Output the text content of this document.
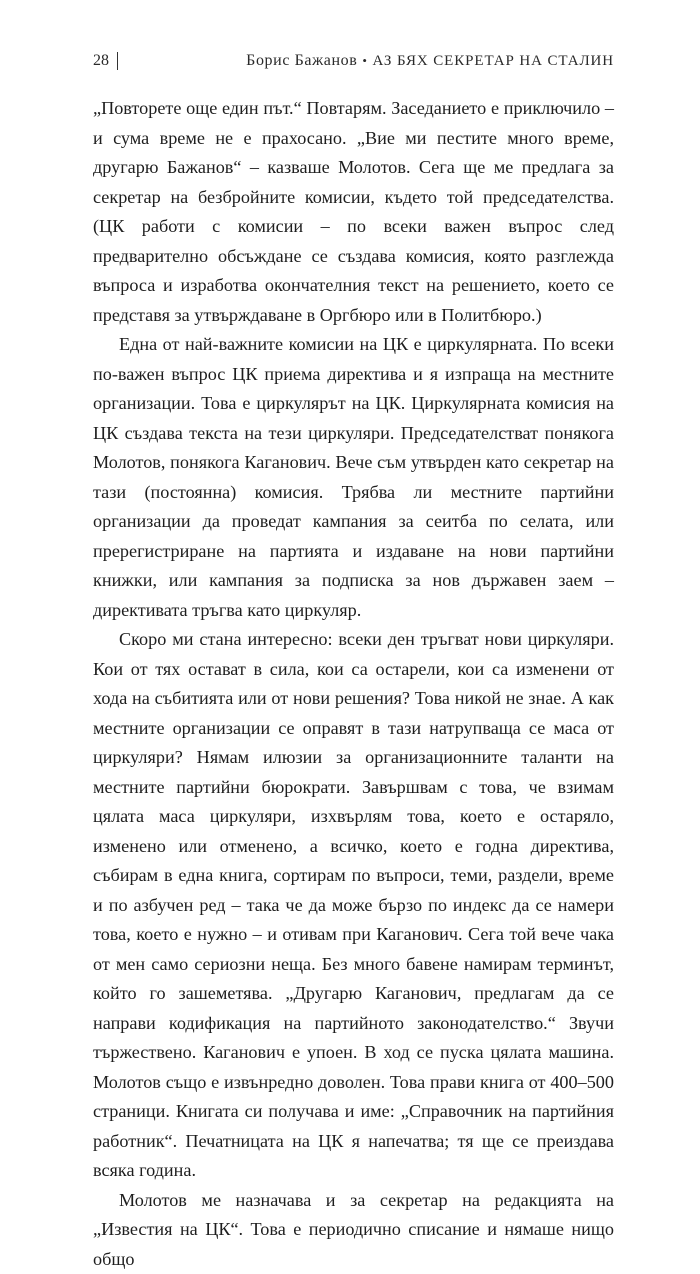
28	Борис Бажанов • АЗ БЯХ СЕКРЕТАР НА СТАЛИН

„Повторете още един път.“ Повтарям. Заседанието е приключило – и сума време не е прахосано. „Вие ми пестите много време, другарю Бажанов“ – казваше Молотов. Сега ще ме предлага за секретар на безбройните комисии, където той председателства. (ЦК работи с комисии – по всеки важен въпрос след предварително обсъждане се създава комисия, която разглежда въпроса и изработва окончателния текст на решението, което се представя за утвърждаване в Оргбюро или в Политбюро.)

Една от най-важните комисии на ЦК е циркулярната. По всеки по-важен въпрос ЦК приема директива и я изпраща на местните организации. Това е циркулярът на ЦК. Циркулярната комисия на ЦК създава текста на тези циркуляри. Председателстват понякога Молотов, понякога Каганович. Вече съм утвърден като секретар на тази (постоянна) комисия. Трябва ли местните партийни организации да проведат кампания за сеитба по селата, или пререгистриране на партията и издаване на нови партийни книжки, или кампания за подписка за нов държавен заем – директивата тръгва като циркуляр.

Скоро ми стана интересно: всеки ден тръгват нови циркуляри. Кои от тях остават в сила, кои са остарели, кои са изменени от хода на събитията или от нови решения? Това никой не знае. А как местните организации се оправят в тази натрупваща се маса от циркуляри? Нямам илюзии за организационните таланти на местните партийни бюрократи. Завършвам с това, че взимам цялата маса циркуляри, изхвърлям това, което е остаряло, изменено или отменено, а всичко, което е годна директива, събирам в една книга, сортирам по въпроси, теми, раздели, време и по азбучен ред – така че да може бързо по индекс да се намери това, което е нужно – и отивам при Каганович. Сега той вече чака от мен само сериозни неща. Без много бавене намирам терминът, който го зашеметява. „Другарю Каганович, предлагам да се направи кодификация на партийното законодателство.“ Звучи тържествено. Каганович е упоен. В ход се пуска цялата машина. Молотов също е извънредно доволен. Това прави книга от 400–500 страници. Книгата си получава и име: „Справочник на партийния работник“. Печатницата на ЦК я напечатва; тя ще се преиздава всяка година.

Молотов ме назначава и за секретар на редакцията на „Известия на ЦК“. Това е периодично списание и нямаше нищо общо
